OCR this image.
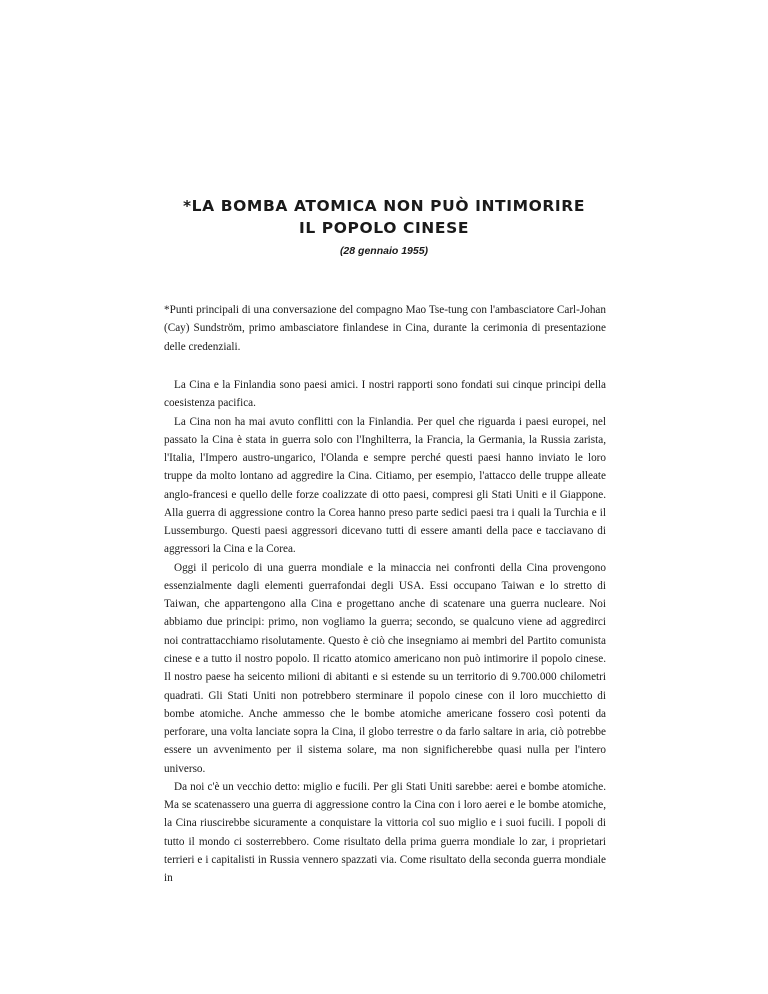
*LA BOMBA ATOMICA NON PUÒ INTIMORIRE
IL POPOLO CINESE
(28 gennaio 1955)

*Punti principali di una conversazione del compagno Mao Tse-tung con l'ambasciatore Carl-Johan (Cay) Sundström, primo ambasciatore finlandese in Cina, durante la cerimonia di presentazione delle credenziali.

La Cina e la Finlandia sono paesi amici. I nostri rapporti sono fondati sui cinque principi della coesistenza pacifica.

La Cina non ha mai avuto conflitti con la Finlandia. Per quel che riguarda i paesi europei, nel passato la Cina è stata in guerra solo con l'Inghilterra, la Francia, la Germania, la Russia zarista, l'Italia, l'Impero austro-ungarico, l'Olanda e sempre perché questi paesi hanno inviato le loro truppe da molto lontano ad aggredire la Cina. Citiamo, per esempio, l'attacco delle truppe alleate anglo-francesi e quello delle forze coalizzate di otto paesi, compresi gli Stati Uniti e il Giappone. Alla guerra di aggressione contro la Corea hanno preso parte sedici paesi tra i quali la Turchia e il Lussemburgo. Questi paesi aggressori dicevano tutti di essere amanti della pace e tacciavano di aggressori la Cina e la Corea.

Oggi il pericolo di una guerra mondiale e la minaccia nei confronti della Cina provengono essenzialmente dagli elementi guerrafondai degli USA. Essi occupano Taiwan e lo stretto di Taiwan, che appartengono alla Cina e progettano anche di scatenare una guerra nucleare. Noi abbiamo due principi: primo, non vogliamo la guerra; secondo, se qualcuno viene ad aggredirci noi contrattacchiamo risolutamente. Questo è ciò che insegniamo ai membri del Partito comunista cinese e a tutto il nostro popolo. Il ricatto atomico americano non può intimorire il popolo cinese. Il nostro paese ha seicento milioni di abitanti e si estende su un territorio di 9.700.000 chilometri quadrati. Gli Stati Uniti non potrebbero sterminare il popolo cinese con il loro mucchietto di bombe atomiche. Anche ammesso che le bombe atomiche americane fossero così potenti da perforare, una volta lanciate sopra la Cina, il globo terrestre o da farlo saltare in aria, ciò potrebbe essere un avvenimento per il sistema solare, ma non significherebbe quasi nulla per l'intero universo.

Da noi c'è un vecchio detto: miglio e fucili. Per gli Stati Uniti sarebbe: aerei e bombe atomiche. Ma se scatenassero una guerra di aggressione contro la Cina con i loro aerei e le bombe atomiche, la Cina riuscirebbe sicuramente a conquistare la vittoria col suo miglio e i suoi fucili. I popoli di tutto il mondo ci sosterrebbero. Come risultato della prima guerra mondiale lo zar, i proprietari terrieri e i capitalisti in Russia vennero spazzati via. Come risultato della seconda guerra mondiale in
